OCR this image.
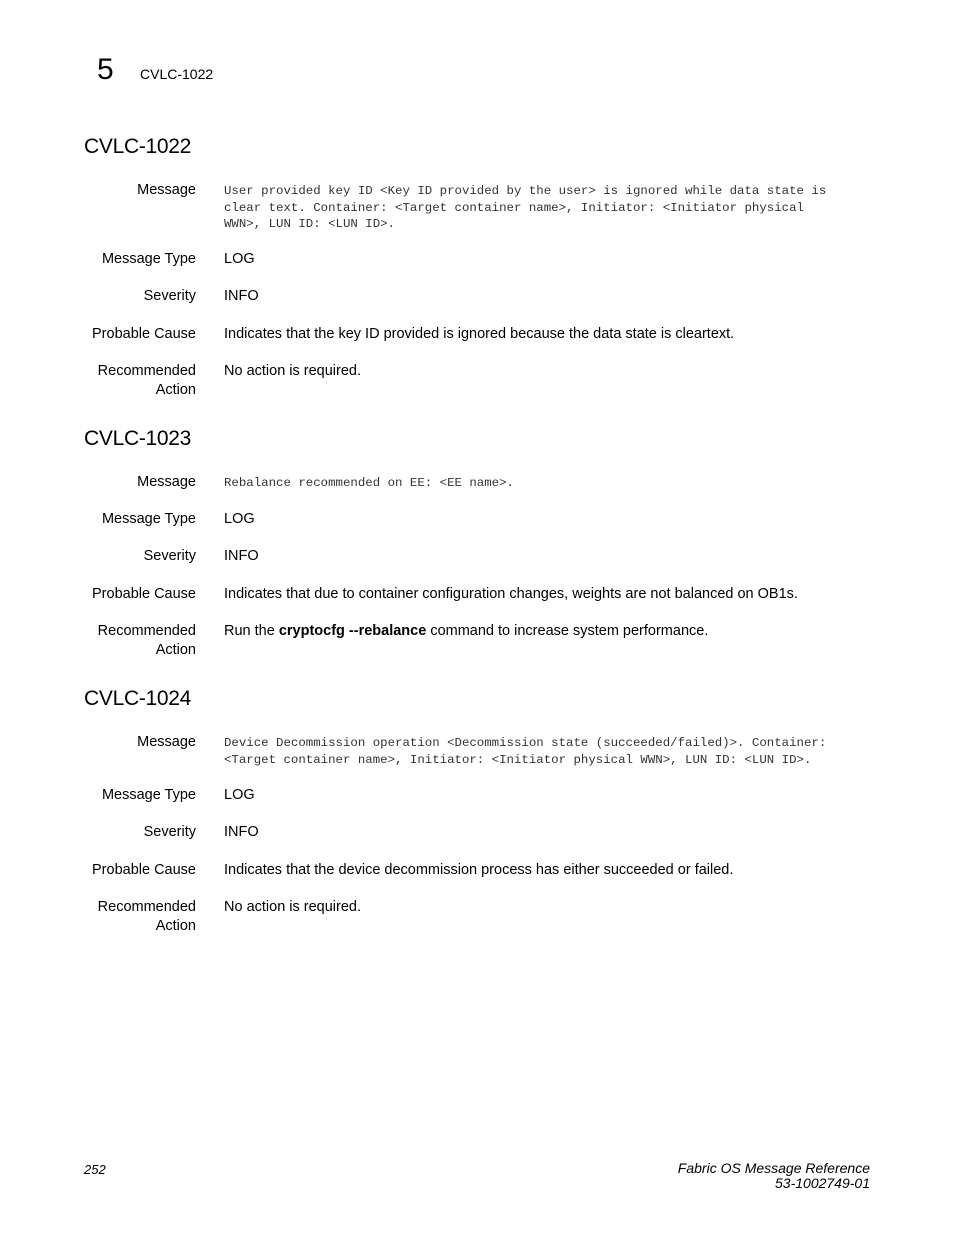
5 CVLC-1022
CVLC-1022
Message User provided key ID <Key ID provided by the user> is ignored while data state is
clear text. Container: <Target container name>, Initiator: <Initiator physical
WWN>, LUN ID: <LUN ID>.
Message Type LOG
Severity INFO
Probable Cause Indicates that the key ID provided is ignored because the data state is cleartext.
Recommended
Action
No action is required.
CVLC-1023
Message Rebalance recommended on EE: <EE name>.
Message Type LOG
Severity INFO
Probable Cause Indicates that due to container configuration changes, weights are not balanced on OB1s.
Recommended
Action
Run the cryptocfg --rebalance command to increase system performance.
CVLC-1024
Message Device Decommission operation <Decommission state (succeeded/failed)>. Container:
<Target container name>, Initiator: <Initiator physical WWN>, LUN ID: <LUN ID>.
Message Type LOG
Severity INFO
Probable Cause Indicates that the device decommission process has either succeeded or failed.
Recommended
Action
No action is required.
252	Fabric OS Message Reference
53-1002749-01
